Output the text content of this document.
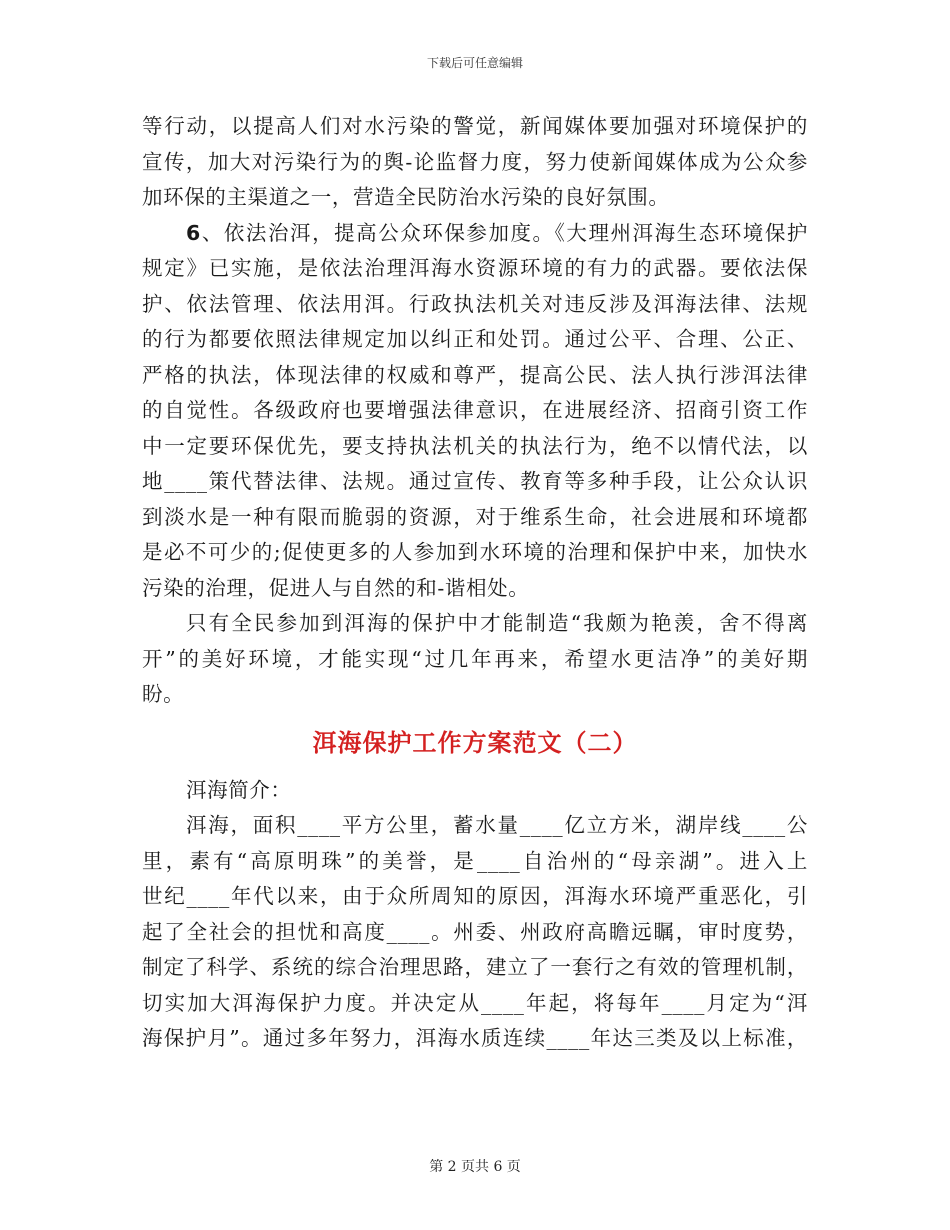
下载后可任意编辑
等行动，以提高人们对水污染的警觉，新闻媒体要加强对环境保护的
宣传，加大对污染行为的舆-论监督力度，努力使新闻媒体成为公众参
加环保的主渠道之一，营造全民防治水污染的良好氛围。
6、依法治洱，提高公众环保参加度。《大理州洱海生态环境保护
规定》已实施，是依法治理洱海水资源环境的有力的武器。要依法保
护、依法管理、依法用洱。行政执法机关对违反涉及洱海法律、法规
的行为都要依照法律规定加以纠正和处罚。通过公平、合理、公正、
严格的执法，体现法律的权威和尊严，提高公民、法人执行涉洱法律
的自觉性。各级政府也要增强法律意识，在进展经济、招商引资工作
中一定要环保优先，要支持执法机关的执法行为，绝不以情代法，以
地____策代替法律、法规。通过宣传、教育等多种手段，让公众认识
到淡水是一种有限而脆弱的资源，对于维系生命，社会进展和环境都
是必不可少的;促使更多的人参加到水环境的治理和保护中来，加快水
污染的治理，促进人与自然的和-谐相处。
只有全民参加到洱海的保护中才能制造“我颇为艳羡，舍不得离
开”的美好环境，才能实现“过几年再来，希望水更洁净”的美好期
盼。
洱海保护工作方案范文（二）
洱海简介：
洱海，面积____平方公里，蓄水量____亿立方米，湖岸线____公
里，素有“高原明珠”的美誉，是____自治州的“母亲湖”。进入上
世纪____年代以来，由于众所周知的原因，洱海水环境严重恶化，引
起了全社会的担忧和高度____。州委、州政府高瞻远瞩，审时度势，
制定了科学、系统的综合治理思路，建立了一套行之有效的管理机制，
切实加大洱海保护力度。并决定从____年起，将每年____月定为“洱
海保护月”。通过多年努力，洱海水质连续____年达三类及以上标准，
第 2 页共 6 页
